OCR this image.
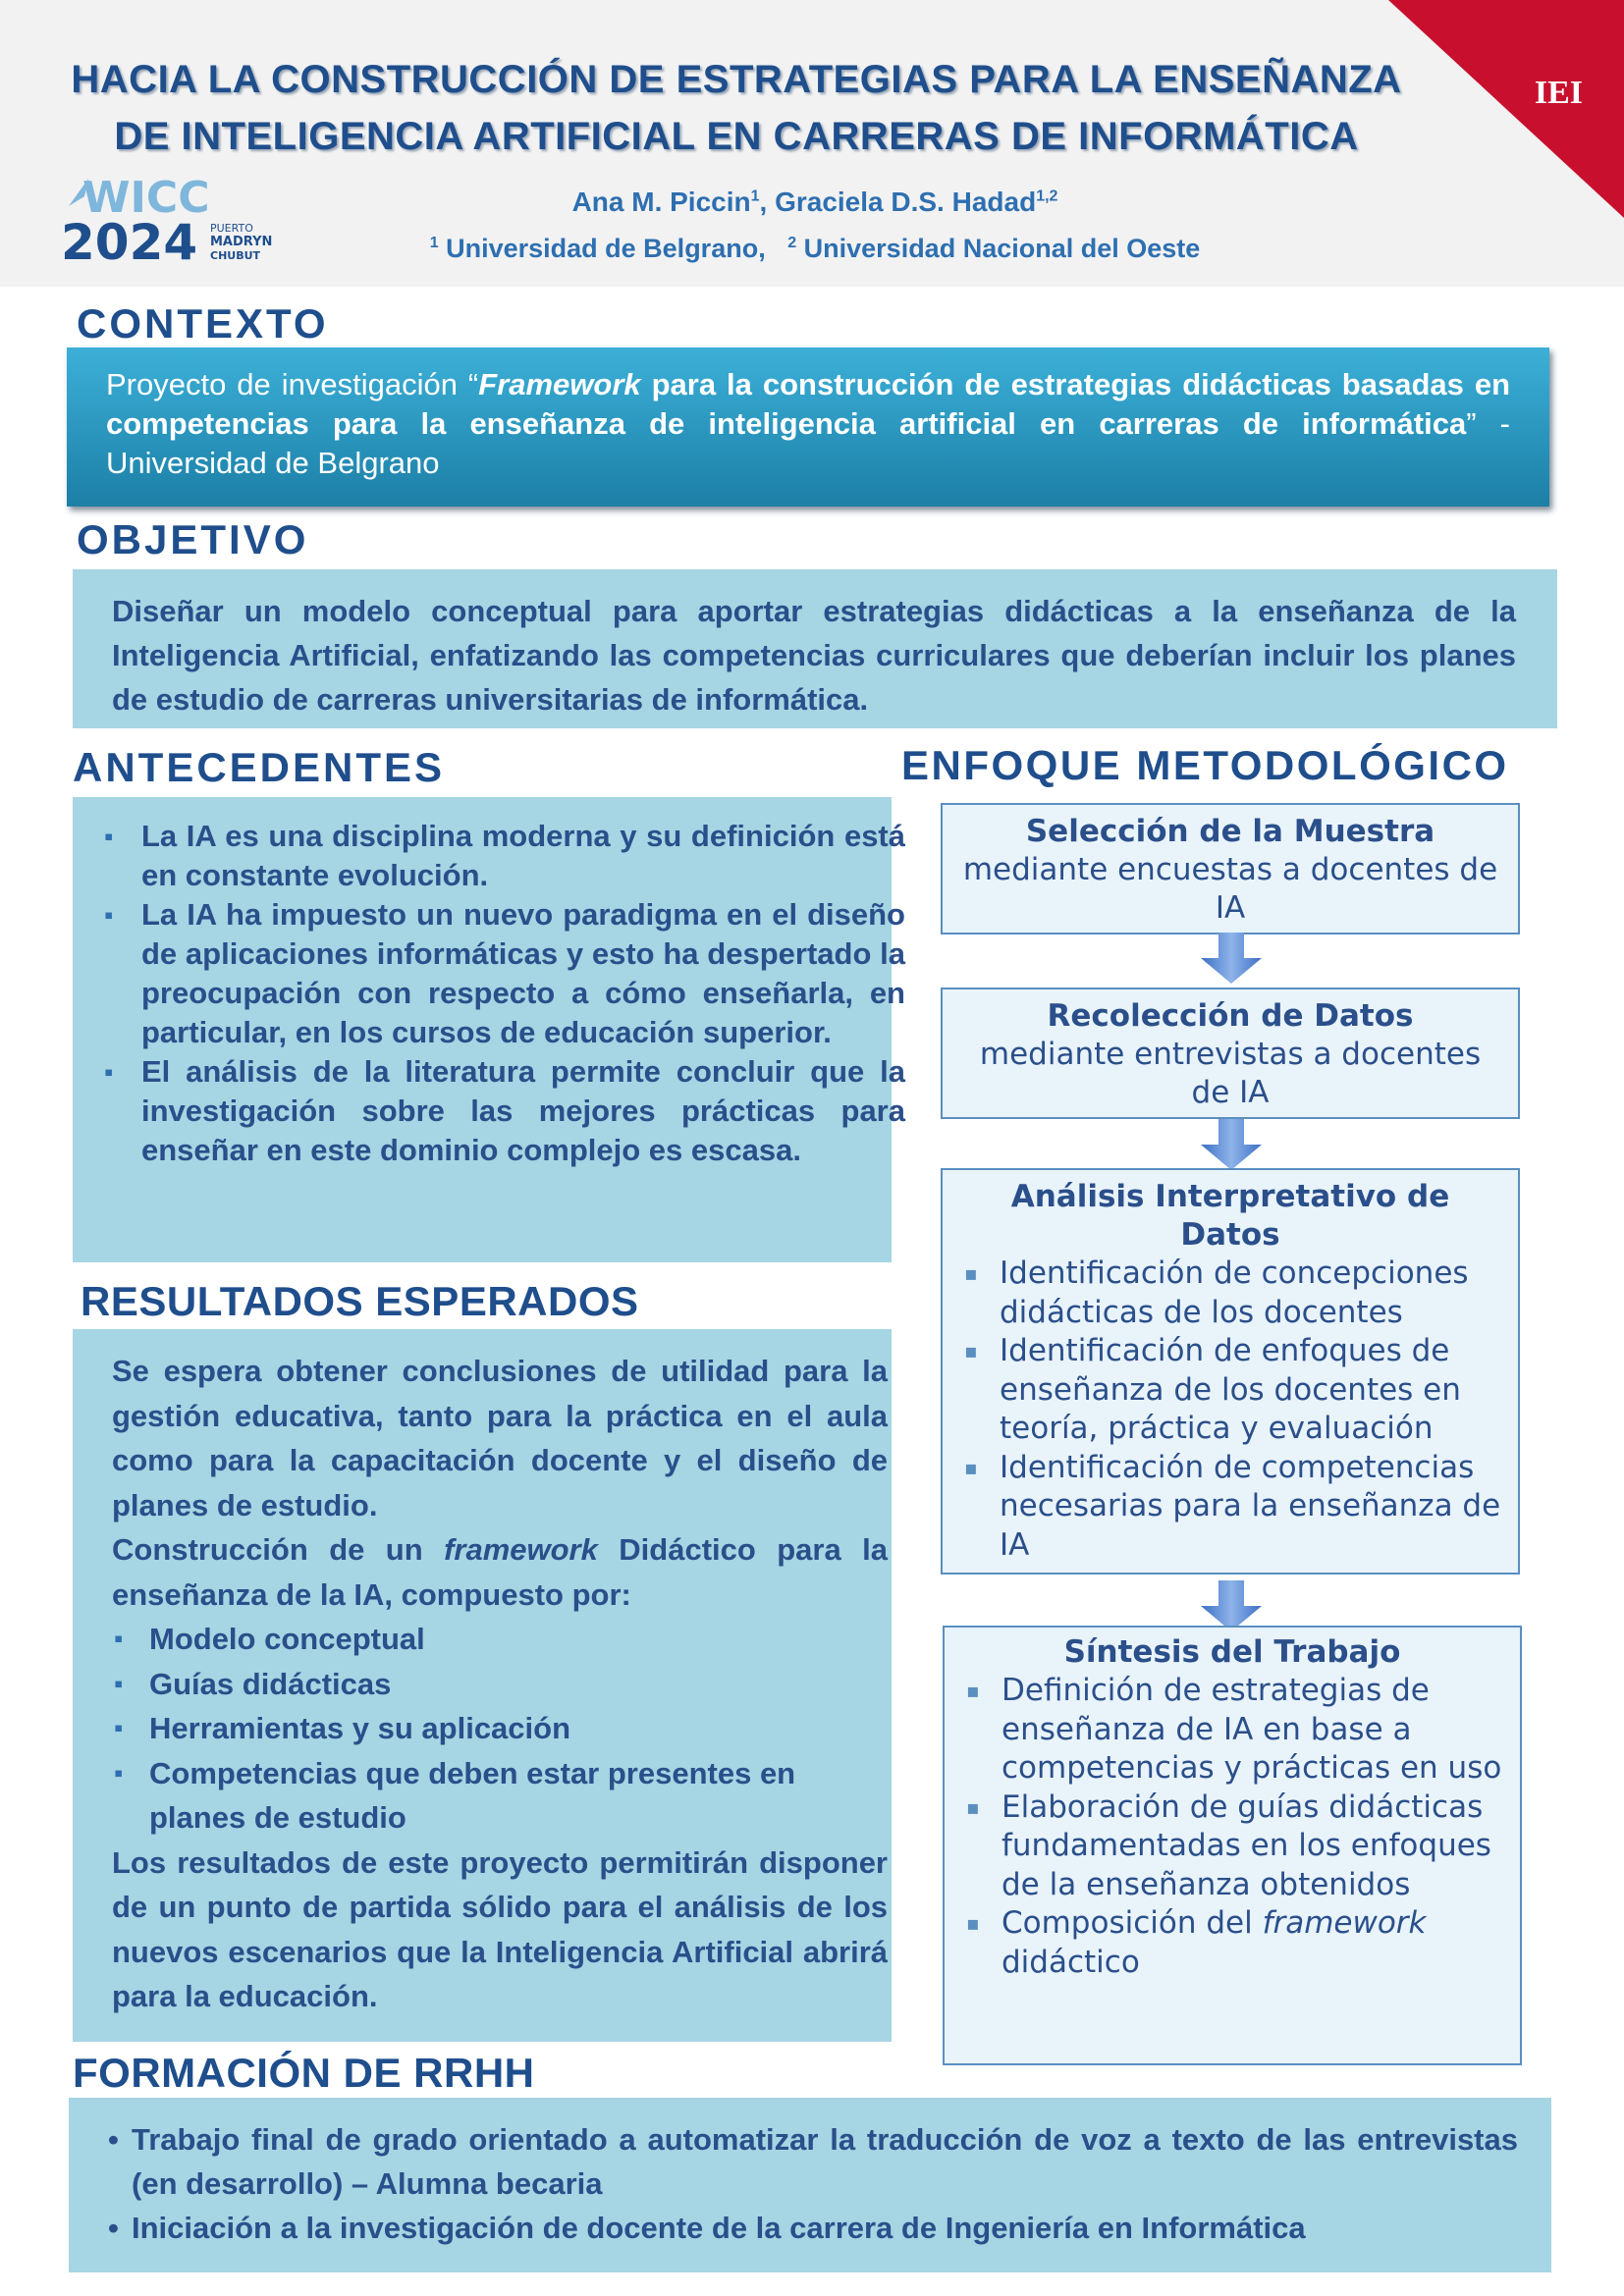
IEI
HACIA LA CONSTRUCCIÓN DE ESTRATEGIAS PARA LA ENSEÑANZA
DE INTELIGENCIA ARTIFICIAL EN CARRERAS DE INFORMÁTICA
WICC
2024 PUERTO
MADRYN
CHUBUT
Ana M. Piccin$^1$, Graciela D.S. Hadad$^{1,2}$
$^1$ Universidad de Belgrano, $^2$ Universidad Nacional del Oeste
CONTEXTO
Proyecto de investigación “Framework para la construcción de estrategias didácticas basadas en competencias para la enseñanza de inteligencia artificial en carreras de informática” - Universidad de Belgrano
OBJETIVO
Diseñar un modelo conceptual para aportar estrategias didácticas a la enseñanza de la Inteligencia Artificial, enfatizando las competencias curriculares que deberían incluir los planes de estudio de carreras universitarias de informática.
ANTECEDENTES
▪ La IA es una disciplina moderna y su definición está en constante evolución.
▪ La IA ha impuesto un nuevo paradigma en el diseño de aplicaciones informáticas y esto ha despertado la preocupación con respecto a cómo enseñarla, en particular, en los cursos de educación superior.
▪ El análisis de la literatura permite concluir que la investigación sobre las mejores prácticas para enseñar en este dominio complejo es escasa.
RESULTADOS ESPERADOS
Se espera obtener conclusiones de utilidad para la gestión educativa, tanto para la práctica en el aula como para la capacitación docente y el diseño de planes de estudio.
Construcción de un framework Didáctico para la enseñanza de la IA, compuesto por:
▪ Modelo conceptual
▪ Guías didácticas
▪ Herramientas y su aplicación
▪ Competencias que deben estar presentes en planes de estudio
Los resultados de este proyecto permitirán disponer de un punto de partida sólido para el análisis de los nuevos escenarios que la Inteligencia Artificial abrirá para la educación.
ENFOQUE METODOLÓGICO
Selección de la Muestra
mediante encuestas a docentes de IA
Recolección de Datos
mediante entrevistas a docentes de IA
Análisis Interpretativo de Datos
▪ Identificación de concepciones didácticas de los docentes
▪ Identificación de enfoques de enseñanza de los docentes en teoría, práctica y evaluación
▪ Identificación de competencias necesarias para la enseñanza de IA
Síntesis del Trabajo
▪ Definición de estrategias de enseñanza de IA en base a competencias y prácticas en uso
▪ Elaboración de guías didácticas fundamentadas en los enfoques de la enseñanza obtenidos
▪ Composición del framework didáctico
FORMACIÓN DE RRHH
• Trabajo final de grado orientado a automatizar la traducción de voz a texto de las entrevistas (en desarrollo) – Alumna becaria
• Iniciación a la investigación de docente de la carrera de Ingeniería en Informática
